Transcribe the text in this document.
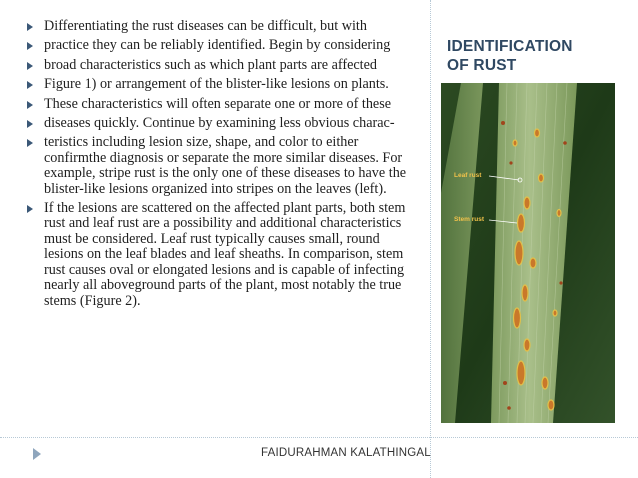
Differentiating the rust diseases can be difficult, but with
practice they can be reliably identified. Begin by considering
broad characteristics such as which plant parts are affected
Figure 1) or arrangement of the blister-like lesions on plants.
These characteristics will often separate one or more of these
diseases quickly. Continue by examining less obvious charac-
teristics including lesion size, shape, and color to either confirmthe diagnosis or separate the more similar diseases. For example, stripe rust is the only one of these diseases to have the blister-like lesions organized into stripes on the leaves (left).
If the lesions are scattered on the affected plant parts, both stem rust and leaf rust are a possibility and additional characteristics must be considered. Leaf rust typically causes small, round lesions on the leaf blades and leaf sheaths. In comparison, stem rust causes oval or elongated lesions and is capable of infecting nearly all aboveground parts of the plant, most notably the true stems (Figure 2).
IDENTIFICATION
OF RUST
Leaf rust
Stem rust
FAIDURAHMAN KALATHINGAL
